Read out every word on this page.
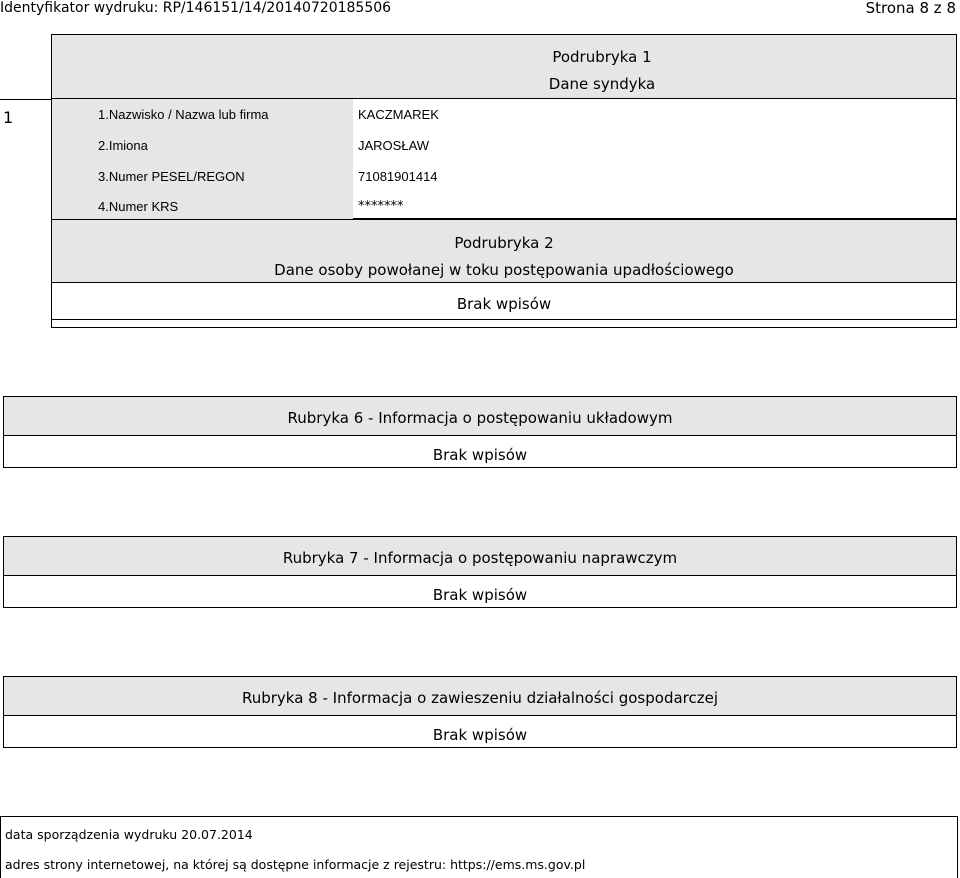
Identyfikator wydruku: RP/146151/14/20140720185506	Strona 8 z 8
Podrubryka 1
Dane syndyka
1	1.Nazwisko / Nazwa lub firma	KACZMAREK
2.Imiona	JAROSŁAW
3.Numer PESEL/REGON	71081901414
4.Numer KRS	*******
Podrubryka 2
Dane osoby powołanej w toku postępowania upadłościowego
Brak wpisów
Rubryka 6 - Informacja o postępowaniu układowym
Brak wpisów
Rubryka 7 - Informacja o postępowaniu naprawczym
Brak wpisów
Rubryka 8 - Informacja o zawieszeniu działalności gospodarczej
Brak wpisów
data sporządzenia wydruku 20.07.2014
adres strony internetowej, na której są dostępne informacje z rejestru: https://ems.ms.gov.pl
